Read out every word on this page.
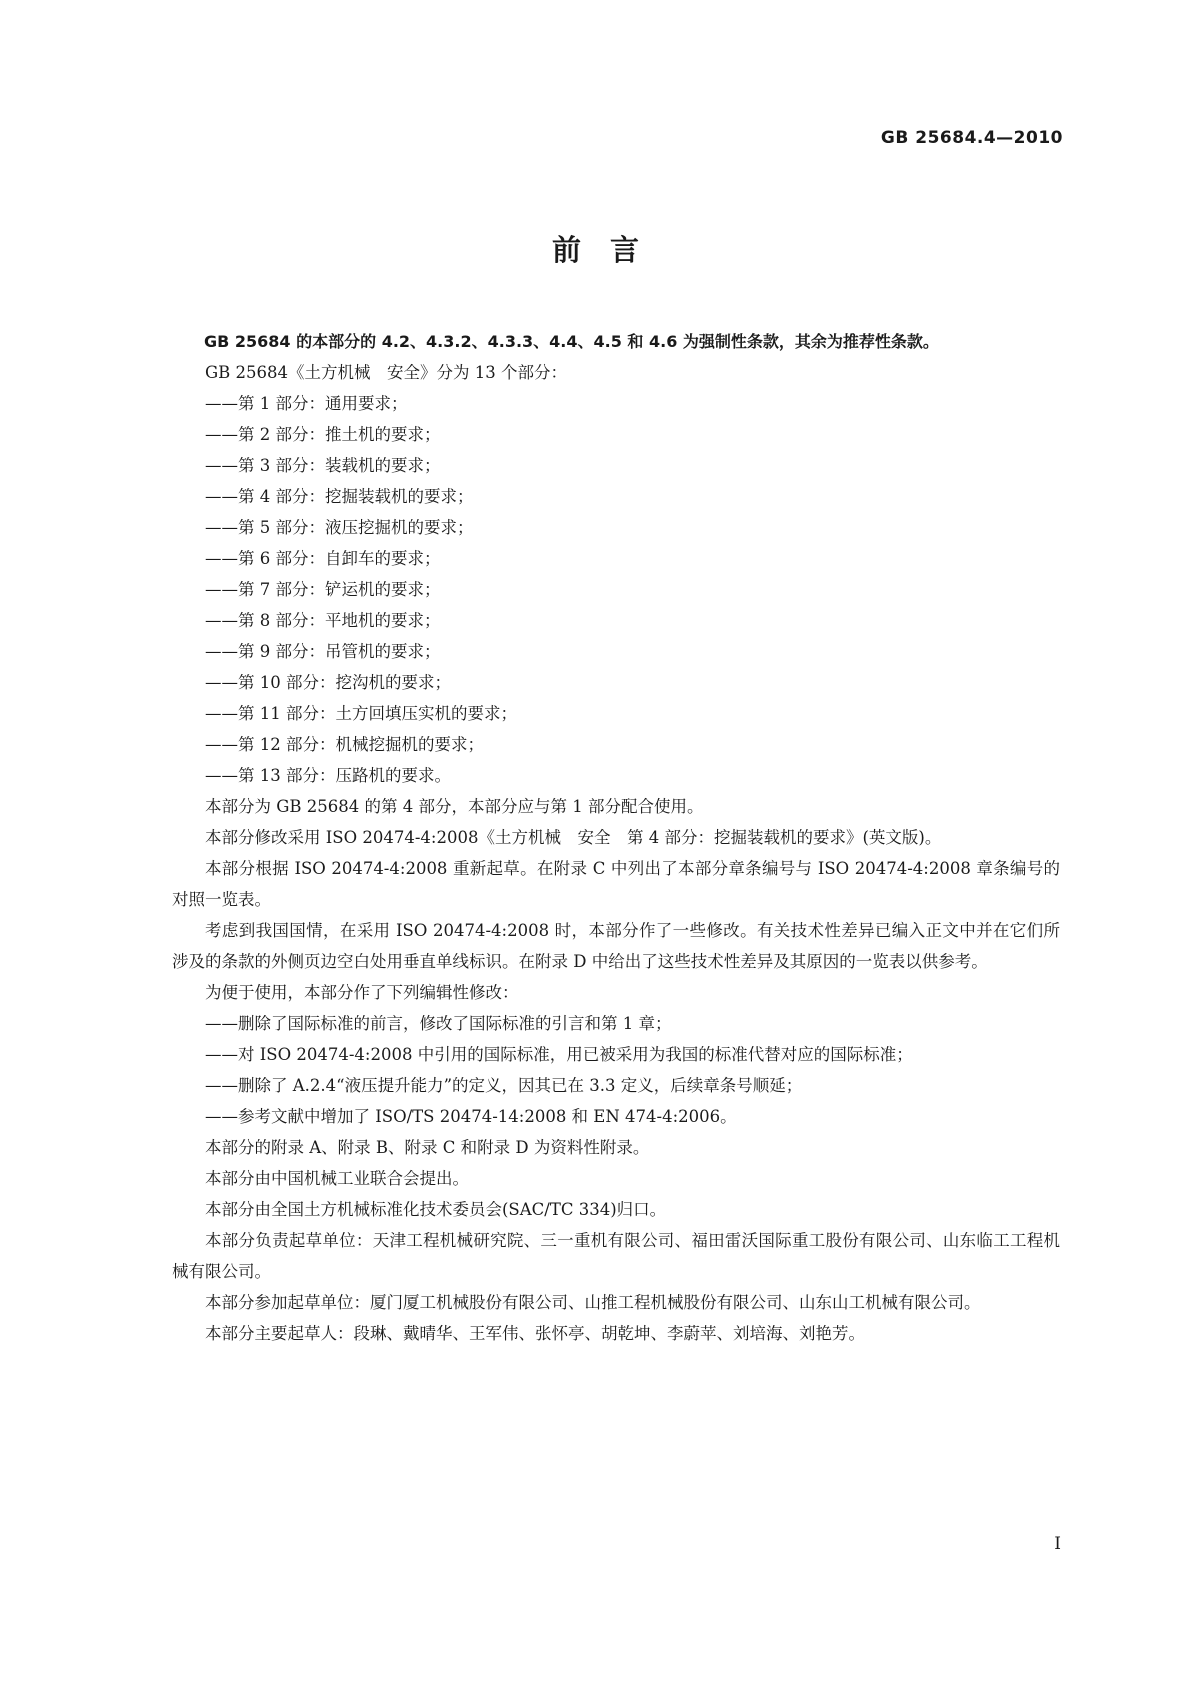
GB 25684.4—2010
前　言

GB 25684 的本部分的 4.2、4.3.2、4.3.3、4.4、4.5 和 4.6 为强制性条款，其余为推荐性条款。

GB 25684《土方机械　安全》分为 13 个部分：

——第 1 部分：通用要求；

——第 2 部分：推土机的要求；

——第 3 部分：装载机的要求；

——第 4 部分：挖掘装载机的要求；

——第 5 部分：液压挖掘机的要求；

——第 6 部分：自卸车的要求；

——第 7 部分：铲运机的要求；

——第 8 部分：平地机的要求；

——第 9 部分：吊管机的要求；

——第 10 部分：挖沟机的要求；

——第 11 部分：土方回填压实机的要求；

——第 12 部分：机械挖掘机的要求；

——第 13 部分：压路机的要求。

本部分为 GB 25684 的第 4 部分，本部分应与第 1 部分配合使用。

本部分修改采用 ISO 20474-4:2008《土方机械　安全　第 4 部分：挖掘装载机的要求》(英文版)。

本部分根据 ISO 20474-4:2008 重新起草。在附录 C 中列出了本部分章条编号与 ISO 20474-4:2008 章条编号的对照一览表。

考虑到我国国情，在采用 ISO 20474-4:2008 时，本部分作了一些修改。有关技术性差异已编入正文中并在它们所涉及的条款的外侧页边空白处用垂直单线标识。在附录 D 中给出了这些技术性差异及其原因的一览表以供参考。

为便于使用，本部分作了下列编辑性修改：

——删除了国际标准的前言，修改了国际标准的引言和第 1 章；

——对 ISO 20474-4:2008 中引用的国际标准，用已被采用为我国的标准代替对应的国际标准；

——删除了 A.2.4“液压提升能力”的定义，因其已在 3.3 定义，后续章条号顺延；

——参考文献中增加了 ISO/TS 20474-14:2008 和 EN 474-4:2006。

本部分的附录 A、附录 B、附录 C 和附录 D 为资料性附录。

本部分由中国机械工业联合会提出。

本部分由全国土方机械标准化技术委员会(SAC/TC 334)归口。

本部分负责起草单位：天津工程机械研究院、三一重机有限公司、福田雷沃国际重工股份有限公司、山东临工工程机械有限公司。

本部分参加起草单位：厦门厦工机械股份有限公司、山推工程机械股份有限公司、山东山工机械有限公司。

本部分主要起草人：段琳、戴晴华、王军伟、张怀亭、胡乾坤、李蔚苹、刘培海、刘艳芳。

I
